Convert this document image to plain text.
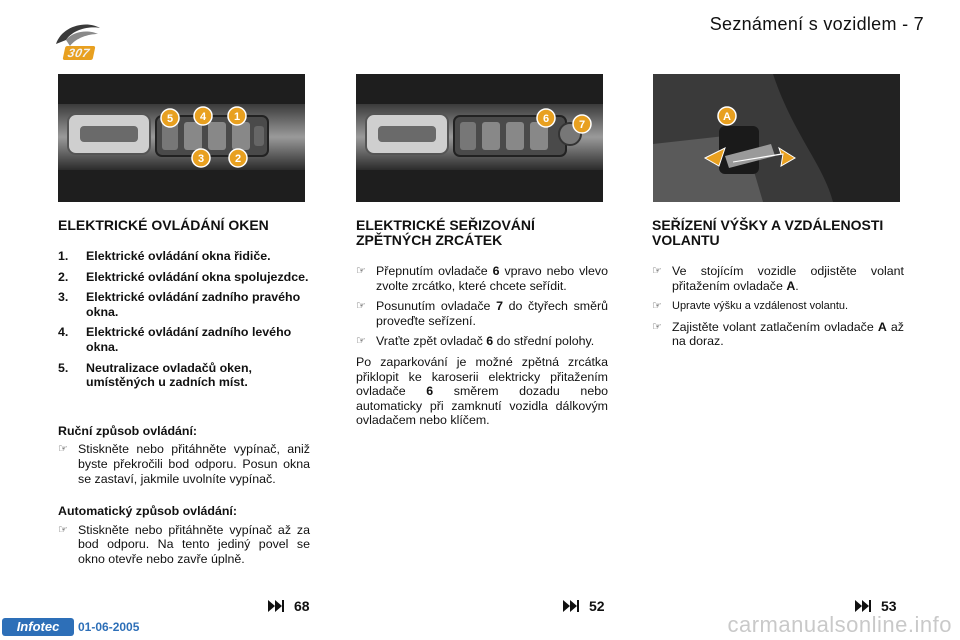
307
Seznámení s vozidlem - 7
5 4	1
3	2
6	7
A
ELEKTRICKÉ OVLÁDÁNÍ OKEN
1.	Elektrické ovládání okna řidiče.
2.	Elektrické ovládání okna spolujezdce.
3.	Elektrické ovládání zadního pravého okna.
4.	Elektrické ovládání zadního levého okna.
5.	Neutralizace ovladačů oken, umístěných u zadních míst.
Ruční způsob ovládání:
☞ Stiskněte nebo přitáhněte vypínač, aniž byste překročili bod odporu. Posun okna se zastaví, jakmile uvolníte vypínač.
Automatický způsob ovládání:
☞ Stiskněte nebo přitáhněte vypínač až za bod odporu. Na tento jediný povel se okno otevře nebo zavře úplně.
ELEKTRICKÉ SEŘIZOVÁNÍ ZPĚTNÝCH ZRCÁTEK
☞ Přepnutím ovladače 6 vpravo nebo vlevo zvolte zrcátko, které chcete seřídit.
☞ Posunutím ovladače 7 do čtyřech směrů proveďte seřízení.
☞ Vraťte zpět ovladač 6 do střední polohy.

Po zaparkování je možné zpětná zrcátka přiklopit ke karoserii elektricky přitažením ovladače 6 směrem dozadu nebo automaticky při zamknutí vozidla dálkovým ovladačem nebo klíčem.

SEŘÍZENÍ VÝŠKY A VZDÁLENOSTI VOLANTU
☞ Ve stojícím vozidle odjistěte volant přitažením ovladače A.
☞ Upravte výšku a vzdálenost volantu.
☞ Zajistěte volant zatlačením ovladače A až na doraz.
68	52	53
Infotec	01-06-2005	carmanualsonline.info
